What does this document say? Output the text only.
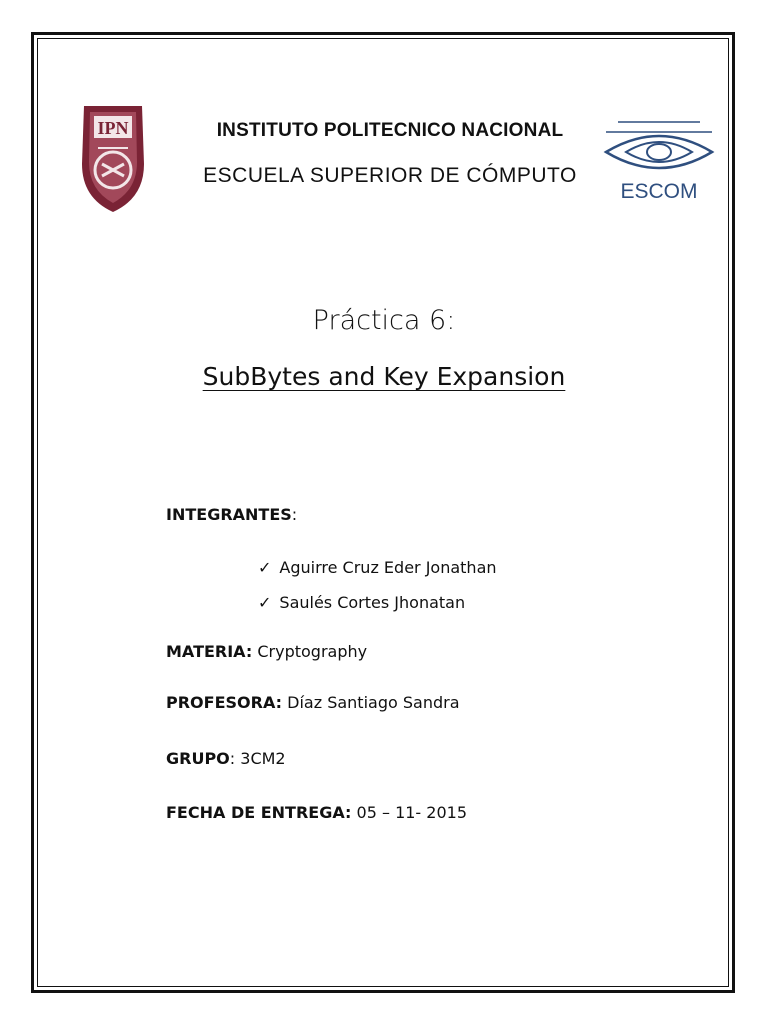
IPN	INSTITUTO POLITECNICO NACIONAL
ESCUELA SUPERIOR DE CÓMPUTO
ESCOM
Práctica 6:
SubBytes and Key Expansion
INTEGRANTES:
✓ Aguirre Cruz Eder Jonathan
✓ Saulés Cortes Jhonatan
MATERIA: Cryptography
PROFESORA: Díaz Santiago Sandra
GRUPO: 3CM2
FECHA DE ENTREGA: 05 – 11- 2015
